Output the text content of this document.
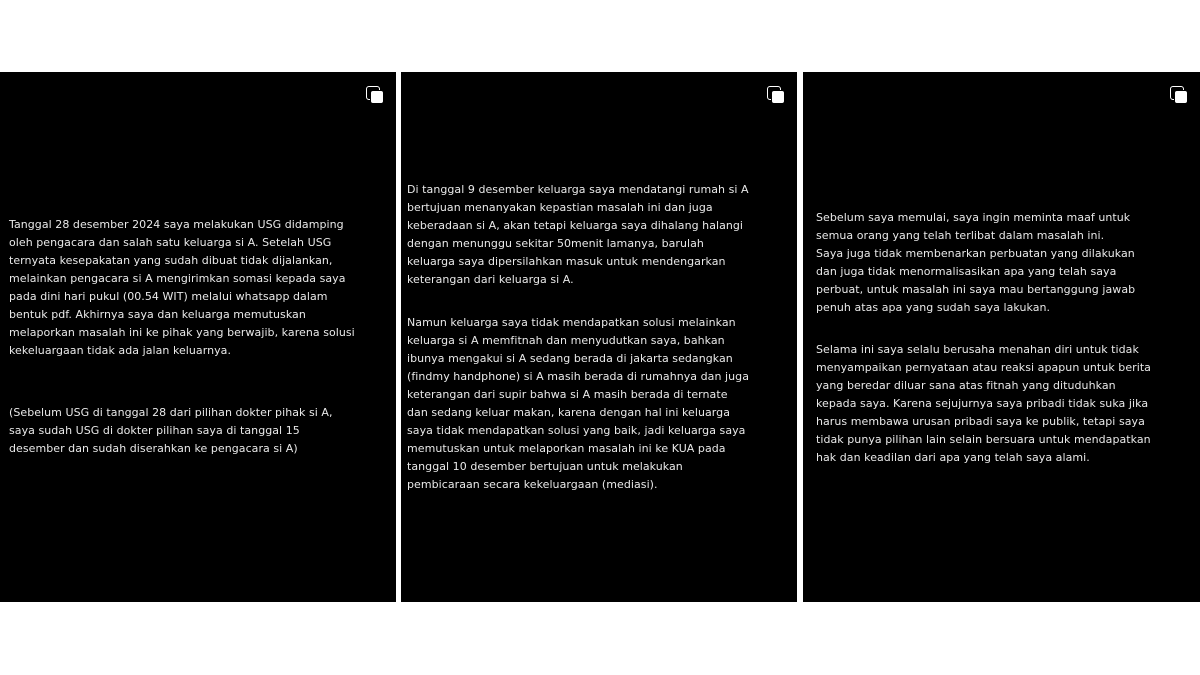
Tanggal 28 desember 2024 saya melakukan USG didamping
oleh pengacara dan salah satu keluarga si A. Setelah USG
ternyata kesepakatan yang sudah dibuat tidak dijalankan,
melainkan pengacara si A mengirimkan somasi kepada saya
pada dini hari pukul (00.54 WIT) melalui whatsapp dalam
bentuk pdf. Akhirnya saya dan keluarga memutuskan
melaporkan masalah ini ke pihak yang berwajib, karena solusi
kekeluargaan tidak ada jalan keluarnya.
(Sebelum USG di tanggal 28 dari pilihan dokter pihak si A,
saya sudah USG di dokter pilihan saya di tanggal 15
desember dan sudah diserahkan ke pengacara si A)
Di tanggal 9 desember keluarga saya mendatangi rumah si A
bertujuan menanyakan kepastian masalah ini dan juga
keberadaan si A, akan tetapi keluarga saya dihalang halangi
dengan menunggu sekitar 50menit lamanya, barulah
keluarga saya dipersilahkan masuk untuk mendengarkan
keterangan dari keluarga si A.
Namun keluarga saya tidak mendapatkan solusi melainkan
keluarga si A memfitnah dan menyudutkan saya, bahkan
ibunya mengakui si A sedang berada di jakarta sedangkan
(findmy handphone) si A masih berada di rumahnya dan juga
keterangan dari supir bahwa si A masih berada di ternate
dan sedang keluar makan, karena dengan hal ini keluarga
saya tidak mendapatkan solusi yang baik, jadi keluarga saya
memutuskan untuk melaporkan masalah ini ke KUA pada
tanggal 10 desember bertujuan untuk melakukan
pembicaraan secara kekeluargaan (mediasi).
Sebelum saya memulai, saya ingin meminta maaf untuk
semua orang yang telah terlibat dalam masalah ini.
Saya juga tidak membenarkan perbuatan yang dilakukan
dan juga tidak menormalisasikan apa yang telah saya
perbuat, untuk masalah ini saya mau bertanggung jawab
penuh atas apa yang sudah saya lakukan.
Selama ini saya selalu berusaha menahan diri untuk tidak
menyampaikan pernyataan atau reaksi apapun untuk berita
yang beredar diluar sana atas fitnah yang dituduhkan
kepada saya. Karena sejujurnya saya pribadi tidak suka jika
harus membawa urusan pribadi saya ke publik, tetapi saya
tidak punya pilihan lain selain bersuara untuk mendapatkan
hak dan keadilan dari apa yang telah saya alami.
